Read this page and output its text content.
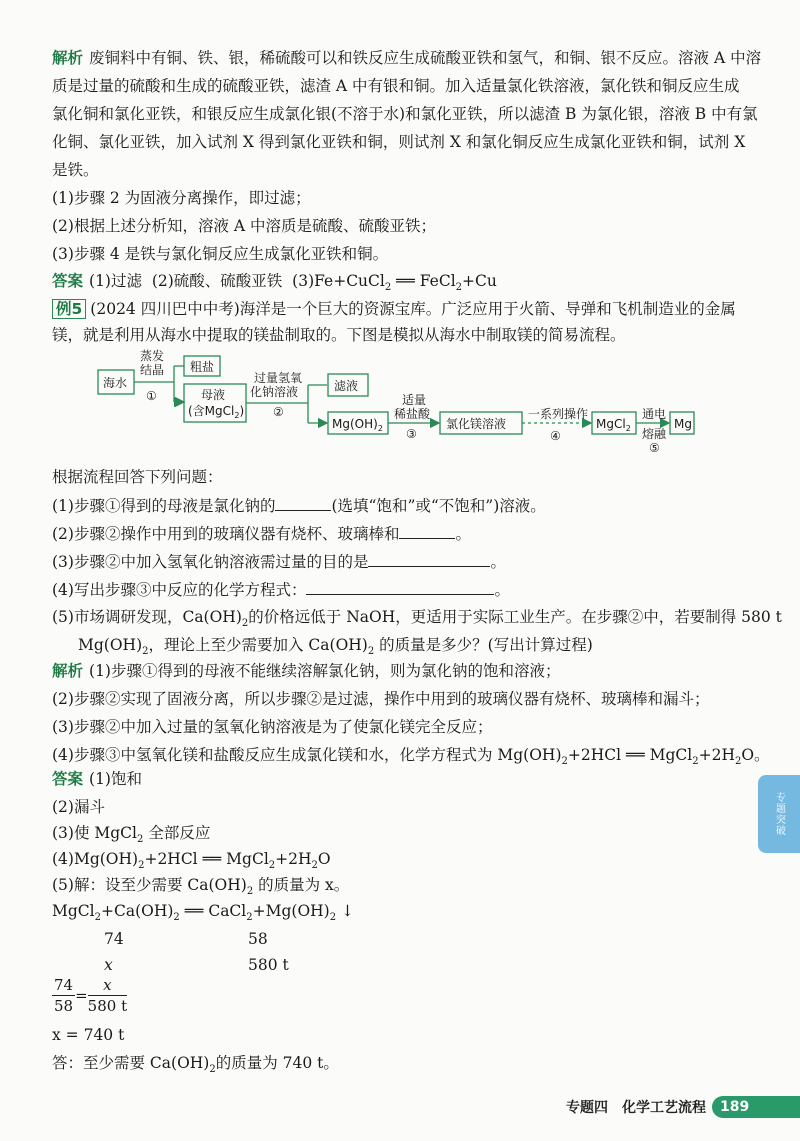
解析 废铜料中有铜、铁、银，稀硫酸可以和铁反应生成硫酸亚铁和氢气，和铜、银不反应。溶液 A 中溶
质是过量的硫酸和生成的硫酸亚铁，滤渣 A 中有银和铜。加入适量氯化铁溶液，氯化铁和铜反应生成
氯化铜和氯化亚铁，和银反应生成氯化银(不溶于水)和氯化亚铁，所以滤渣 B 为氯化银，溶液 B 中有氯
化铜、氯化亚铁，加入试剂 X 得到氯化亚铁和铜，则试剂 X 和氯化铜反应生成氯化亚铁和铜，试剂 X
是铁。
(1)步骤 2 为固液分离操作，即过滤；
(2)根据上述分析知，溶液 A 中溶质是硫酸、硫酸亚铁；
(3)步骤 4 是铁与氯化铜反应生成氯化亚铁和铜。
答案 (1)过滤 (2)硫酸、硫酸亚铁 (3)Fe+CuCl$_2$ ══ FeCl$_2$+Cu
例5 (2024 四川巴中中考)海洋是一个巨大的资源宝库。广泛应用于火箭、导弹和飞机制造业的金属
镁，就是利用从海水中提取的镁盐制取的。下图是模拟从海水中制取镁的简易流程。
蒸发
结晶
①
海水
粗盐
母液
(含MgCl$_2$)
过量氢氧
化钠溶液
②
滤液
$Mg(OH)_2$
适量
稀盐酸
③
氯化镁溶液
一系列操作
④
MgCl$_2$
通电
熔融
⑤
Mg
根据流程回答下列问题：
(1)步骤①得到的母液是氯化钠的	(选填“饱和”或“不饱和”)溶液。
(2)步骤②操作中用到的玻璃仪器有烧杯、玻璃棒和	。
(3)步骤②中加入氢氧化钠溶液需过量的目的是	。
(4)写出步骤③中反应的化学方程式：	。
(5)市场调研发现，$Ca(OH)_2$的价格远低于 NaOH，更适用于实际工业生产。在步骤②中，若要制得 580 t
$Mg(OH)_2$，理论上至少需要加入 $Ca(OH)_2$ 的质量是多少？(写出计算过程)
解析 (1)步骤①得到的母液不能继续溶解氯化钠，则为氯化钠的饱和溶液；
(2)步骤②实现了固液分离，所以步骤②是过滤，操作中用到的玻璃仪器有烧杯、玻璃棒和漏斗；
(3)步骤②中加入过量的氢氧化钠溶液是为了使氯化镁完全反应；
(4)步骤③中氢氧化镁和盐酸反应生成氯化镁和水，化学方程式为 $Mg(OH)_2+2HCl$ ══ $MgCl_2+2H_2O$。
答案 (1)饱和
(2)漏斗
(3)使 MgCl$_2$ 全部反应
$(4)Mg(OH)_2+2HCl$ ══ $MgCl_2+2H_2O$
(5)解：设至少需要 $Ca(OH)_2$ 的质量为 x。
$MgCl_2+Ca(OH)_2$ ══ $CaCl_2+Mg(OH)_2$ ↓
74	58
x	580 t
$\frac{74}{58} = \frac{x}{580 t}$
x = 740 t
答：至少需要 $Ca(OH)_2$的质量为 740 t。
专题突破
专题四　化学工艺流程	189
